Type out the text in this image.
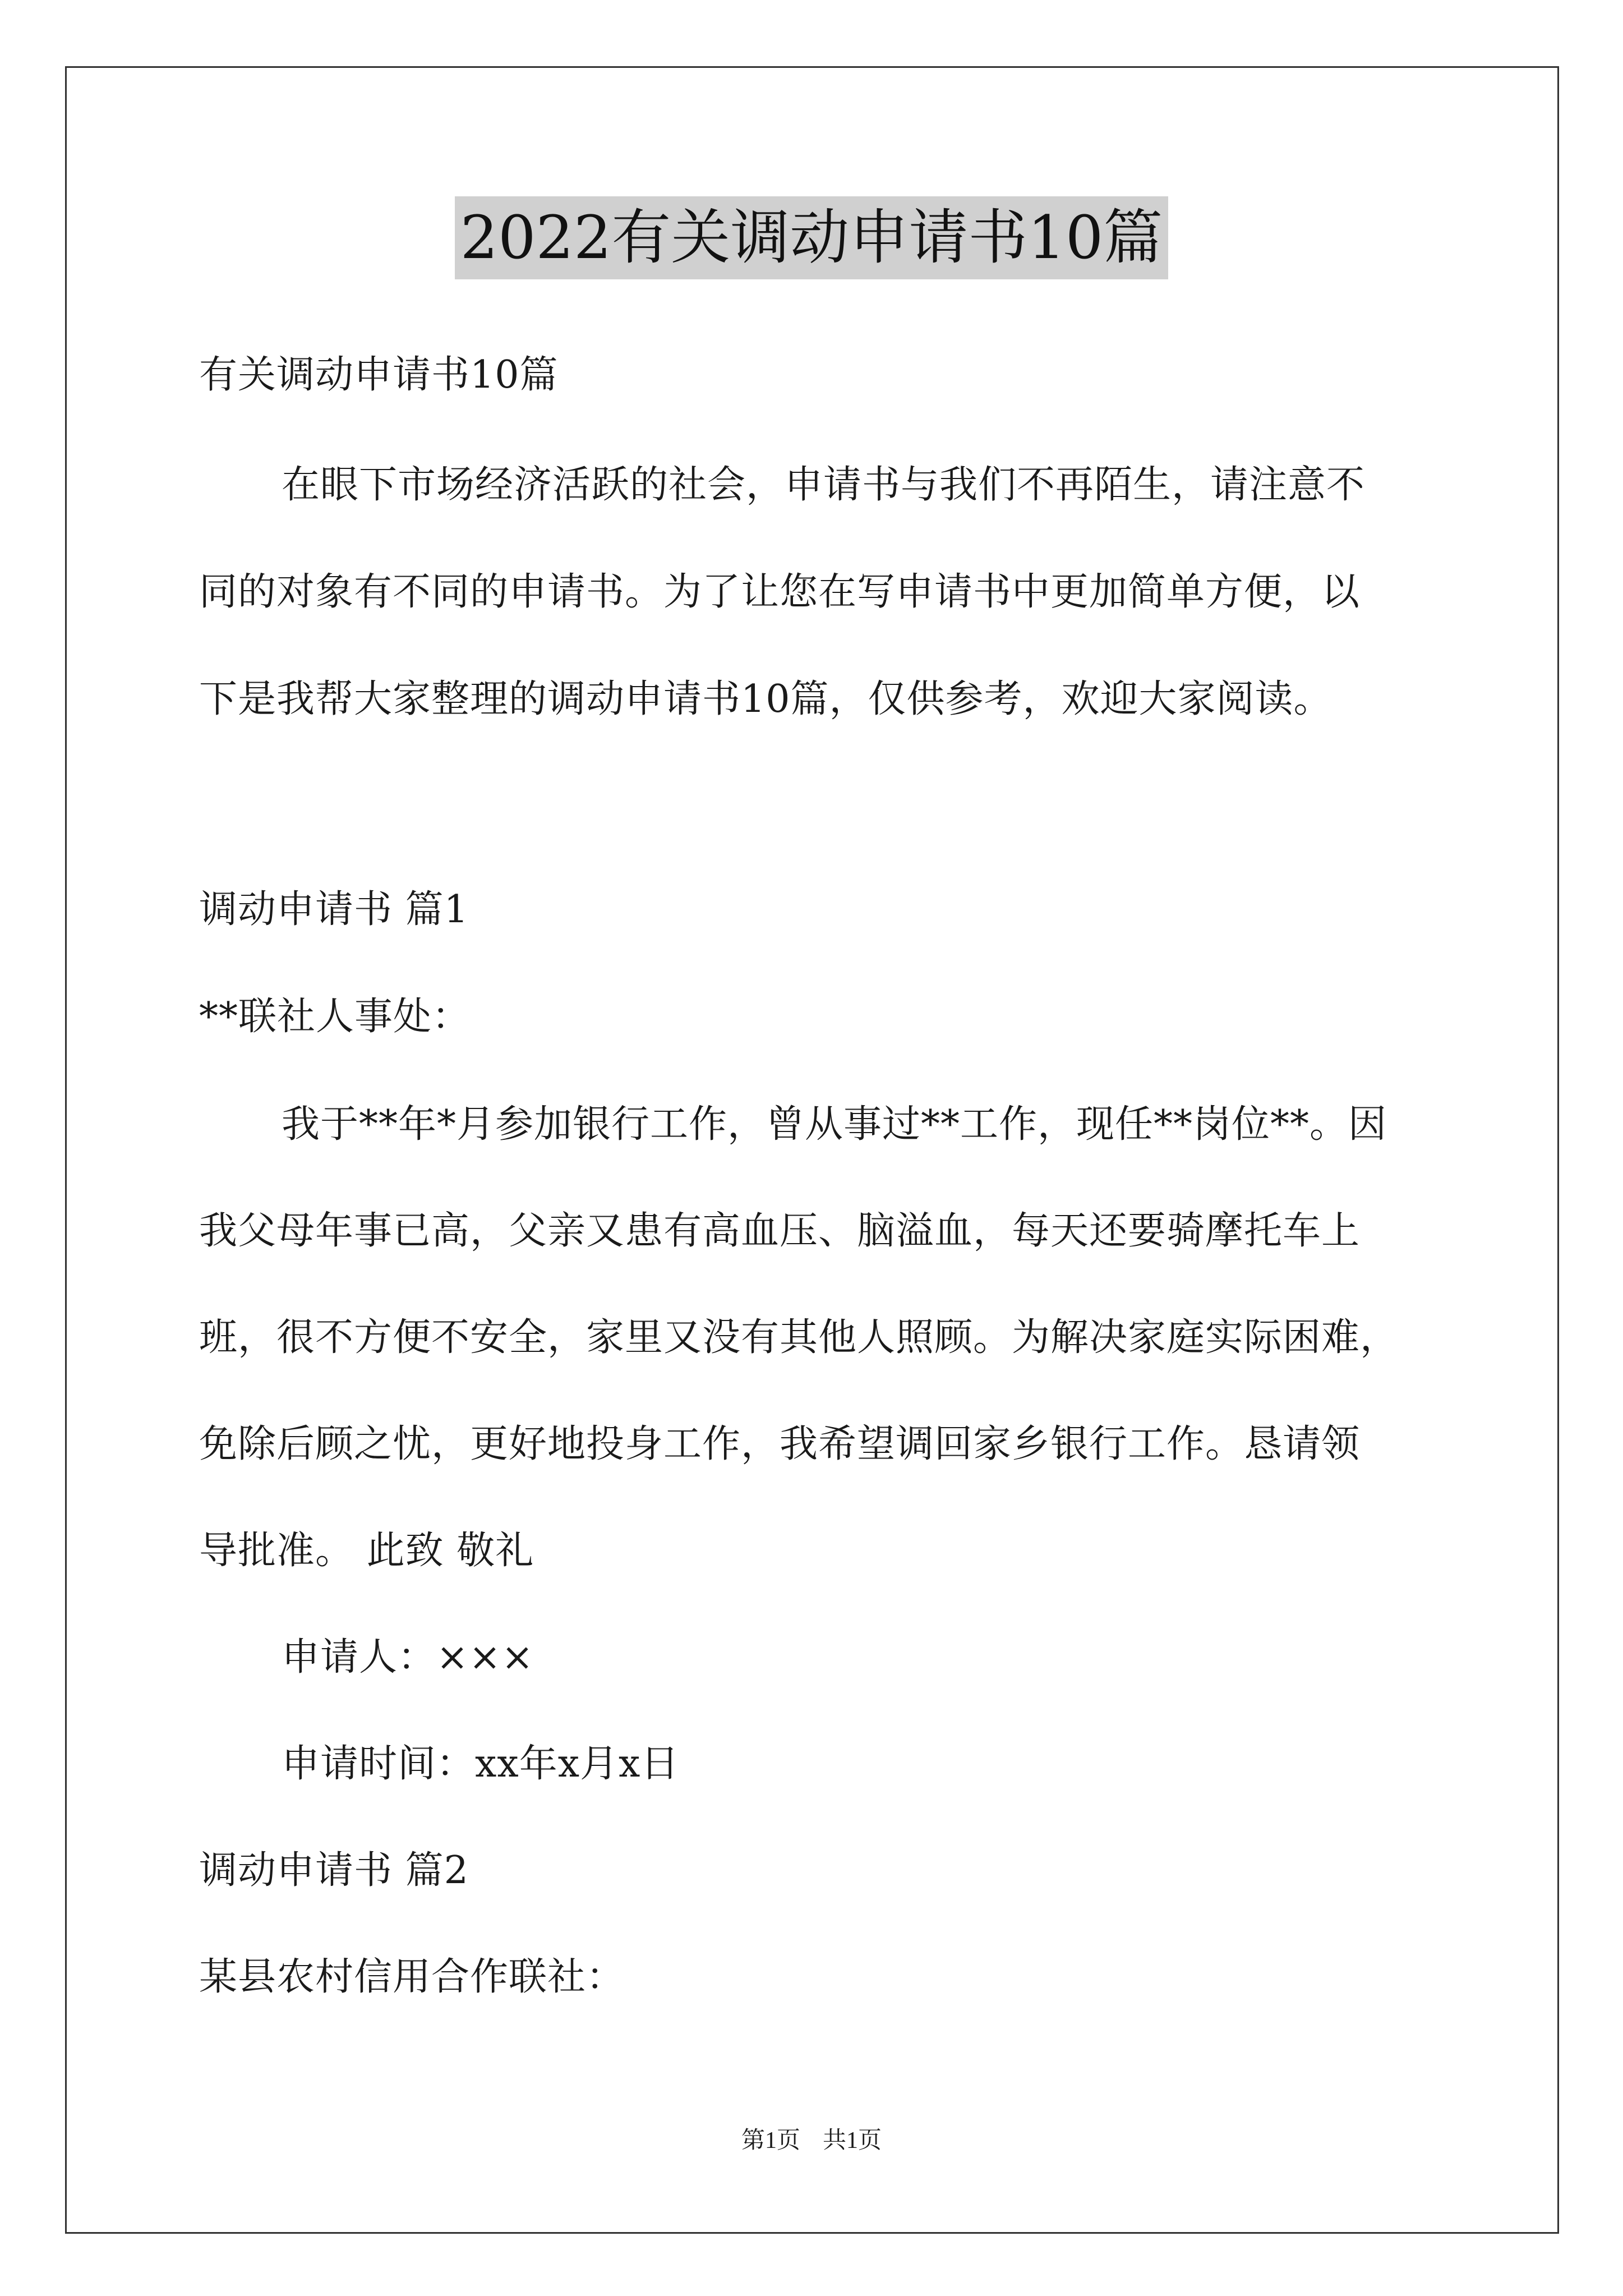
2022有关调动申请书10篇
有关调动申请书10篇
在眼下市场经济活跃的社会，申请书与我们不再陌生，请注意不
同的对象有不同的申请书。为了让您在写申请书中更加简单方便，以
下是我帮大家整理的调动申请书10篇，仅供参考，欢迎大家阅读。
调动申请书 篇1
**联社人事处：
我于**年*月参加银行工作，曾从事过**工作，现任**岗位**。因
我父母年事已高，父亲又患有高血压、脑溢血，每天还要骑摩托车上
班，很不方便不安全，家里又没有其他人照顾。为解决家庭实际困难，
免除后顾之忧，更好地投身工作，我希望调回家乡银行工作。恳请领
导批准。 此致 敬礼
申请人：×××
申请时间：xx年x月x日
调动申请书 篇2
某县农村信用合作联社：
第1页 共1页
